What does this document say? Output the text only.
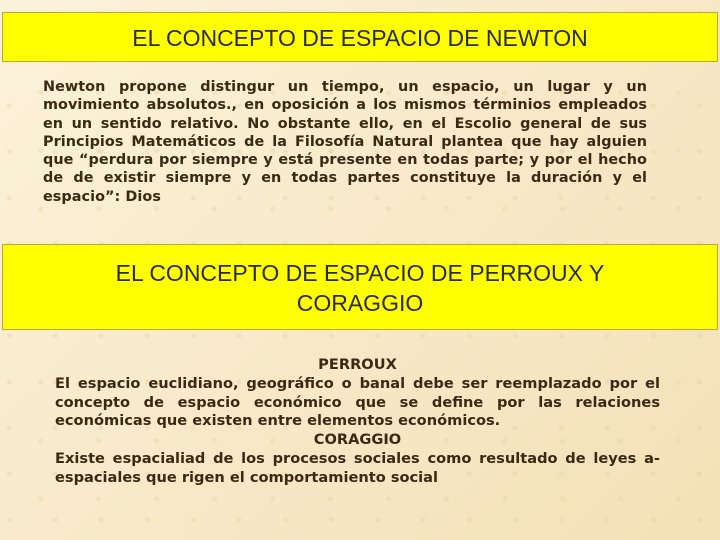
EL CONCEPTO DE ESPACIO DE NEWTON
Newton propone distingur un tiempo, un espacio, un lugar y un movimiento absolutos., en oposición a los mismos términios empleados en un sentido relativo. No obstante ello, en el Escolio general de sus Principios Matemáticos de la Filosofía Natural plantea que hay alguien que “perdura por siempre y está presente en todas parte; y por el hecho de de existir siempre y en todas partes constituye la duración y el espacio”: Dios
EL CONCEPTO DE ESPACIO DE PERROUX Y
CORAGGIO
PERROUX
El espacio euclidiano, geográfico o banal debe ser reemplazado por el concepto de espacio económico que se define por las relaciones económicas que existen entre elementos económicos.
CORAGGIO
Existe espacialiad de los procesos sociales como resultado de leyes a-espaciales que rigen el comportamiento social
